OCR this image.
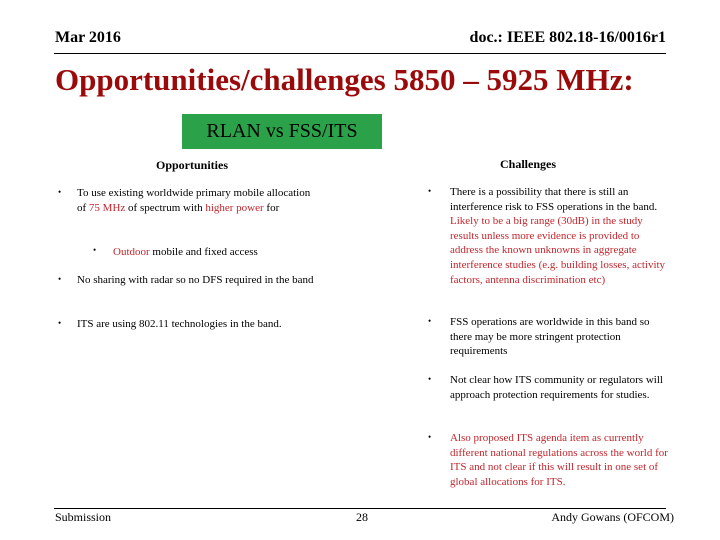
Mar 2016	doc.: IEEE 802.18-16/0016r1
Opportunities/challenges 5850 – 5925 MHz:
RLAN vs FSS/ITS
Opportunities	Challenges
• To use existing worldwide primary mobile allocation of 75 MHz of spectrum with higher power for
• Outdoor mobile and fixed access
• No sharing with radar so no DFS required in the band
• ITS are using 802.11 technologies in the band.
• There is a possibility that there is still an interference risk to FSS operations in the band. Likely to be a big range (30dB) in the study results unless more evidence is provided to address the known unknowns in aggregate interference studies (e.g. building losses, activity factors, antenna discrimination etc)
• FSS operations are worldwide in this band so there may be more stringent protection requirements
• Not clear how ITS community or regulators will approach protection requirements for studies.
• Also proposed ITS agenda item as currently different national regulations across the world for ITS and not clear if this will result in one set of global allocations for ITS.
Submission	28	Andy Gowans (OFCOM)
